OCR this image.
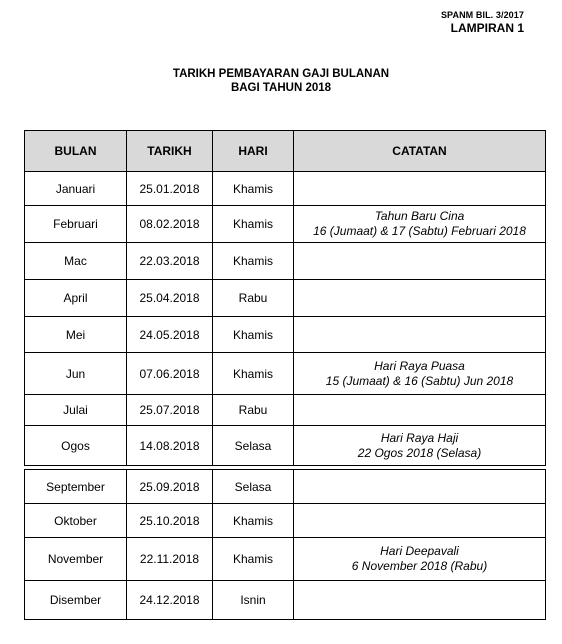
SPANM BIL. 3/2017
LAMPIRAN 1
TARIKH PEMBAYARAN GAJI BULANAN
BAGI TAHUN 2018
BULAN	TARIKH	HARI	CATATAN
Januari	25.01.2018	Khamis	

Februari	08.02.2018	Khamis	Tahun Baru Cina
16 (Jumaat) & 17 (Sabtu) Februari 2018

Mac	22.03.2018	Khamis	

April	25.04.2018	Rabu	

Mei	24.05.2018	Khamis	

Jun	07.06.2018	Khamis	Hari Raya Puasa
15 (Jumaat) & 16 (Sabtu) Jun 2018

Julai	25.07.2018	Rabu	

Ogos	14.08.2018	Selasa	Hari Raya Haji
22 Ogos 2018 (Selasa)

September	25.09.2018	Selasa	

Oktober	25.10.2018	Khamis	

November	22.11.2018	Khamis	Hari Deepavali
6 November 2018 (Rabu)

Disember	24.12.2018	Isnin	
